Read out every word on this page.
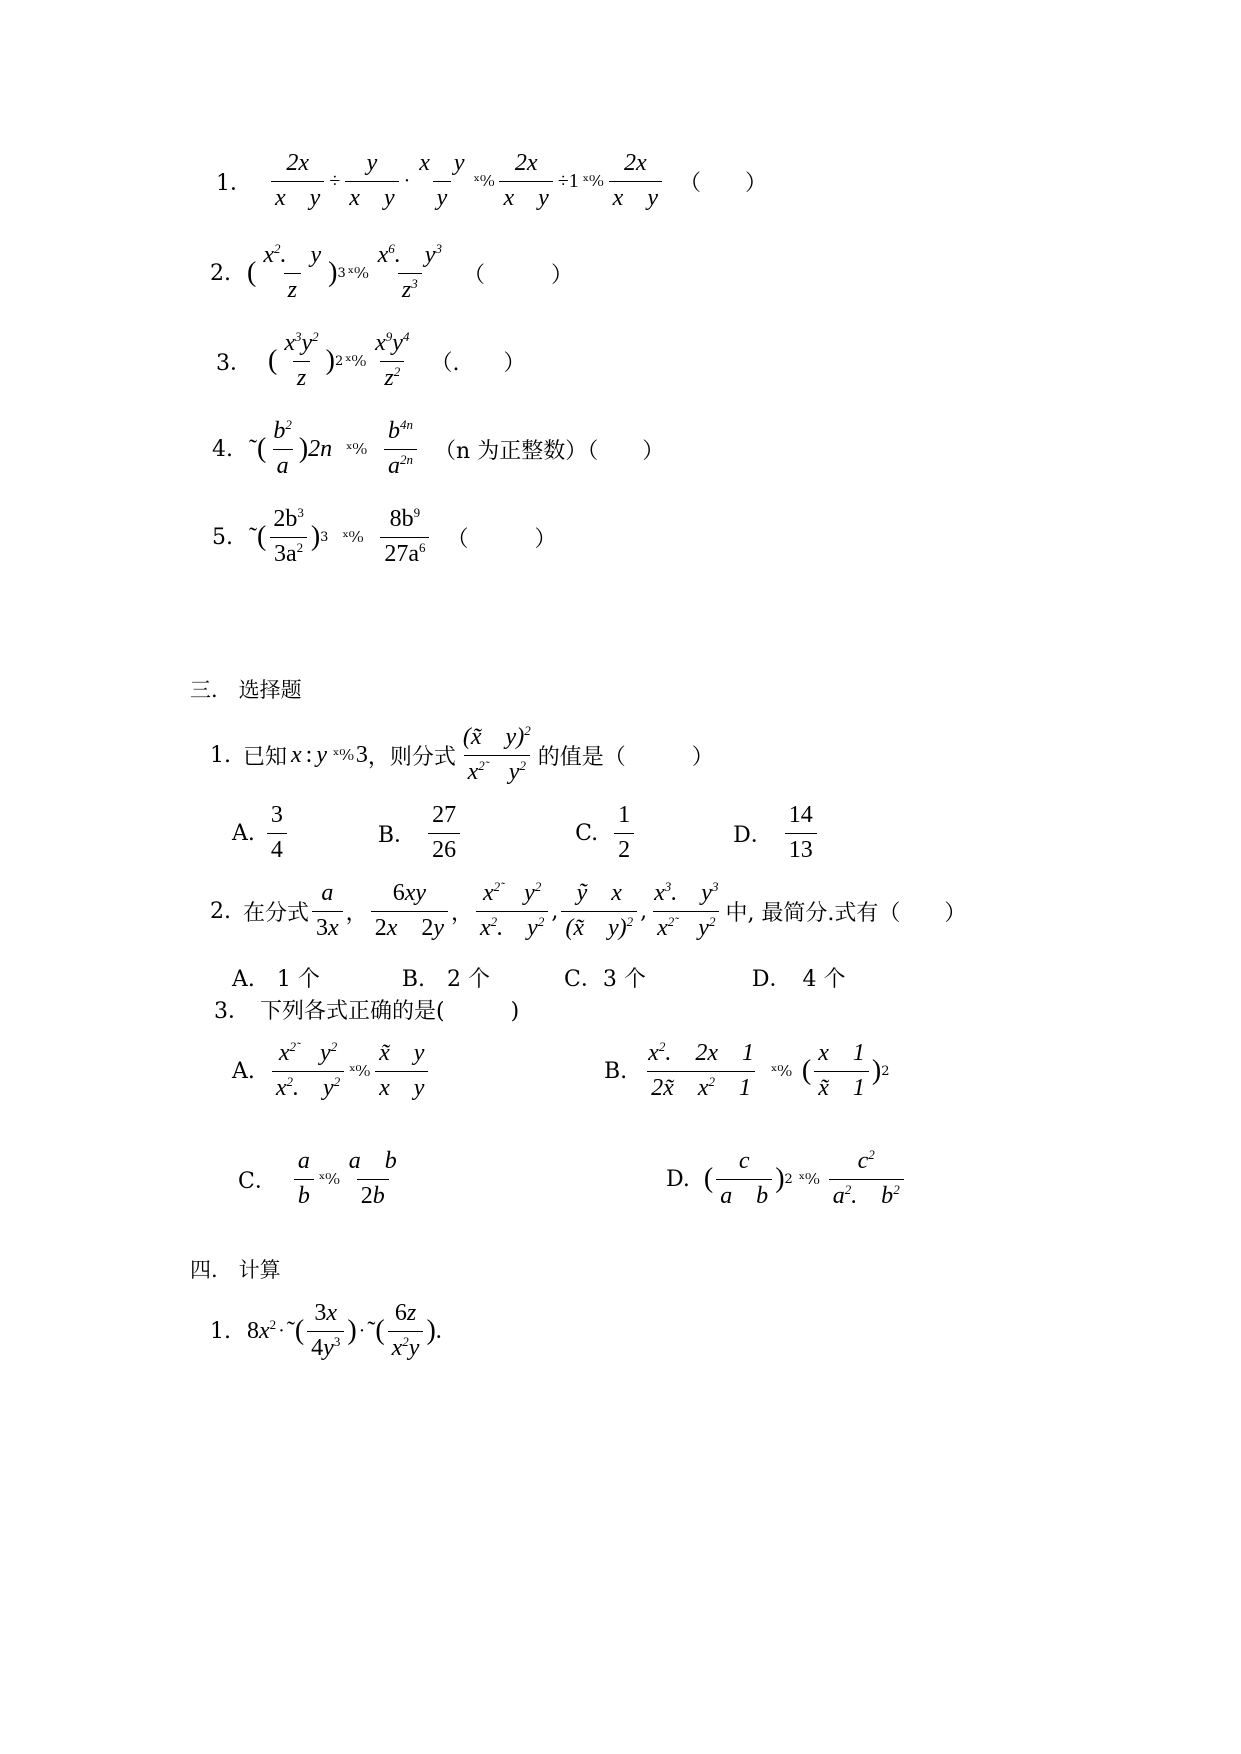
1． $\frac{2x}{\text{x　y}} \div \frac{y}{\text{x　y}} \cdot \frac{\text{x　y}}{y}$ ˣ⁰⁄₀ $\frac{2x}{\text{x　y}} \div 1$ ˣ⁰⁄₀ $\frac{2x}{\text{x　y}}$ （　　）
2. ( $\frac{x^2. y}{z}$ ) 3 ˣ⁰⁄₀ $\frac{x^6. y^3}{z^3}$ （　　　）
3． ( $\frac{x^3y^2}{z}$ ) 2 ˣ⁰⁄₀ $\frac{x^9y^4}{z^2}$ （.　　）
4. ˜ ( $\frac{b^2}{a}$ ) 2n ˣ⁰⁄₀ $\frac{b^{4n}}{a^{2n}} (n$ 为正整数）（　　）
5. ˜ ( $\frac{2b^3}{3a^2}$ ) 3 ˣ⁰⁄₀ $\frac{8b^9}{27a^6}$ （　　　）
三.　选择题
1. 已知 x : y ˣ⁰⁄₀ 3 ，则分式 $\frac{(x̃ y)^2}{x^{2̃} y^2}$ 的值是（　　　）
A. $\frac{3}{4}$	B． $\frac{27}{26}$	C. $\frac{1}{2}$	D． $\frac{14}{13}$
2. 在分式 $\frac{a}{3x}$ ， $\frac{6xy}{2x 2y}$ ， $\frac{x^{2̃} y^2}{x^2. y^2}$ , $\frac{\text{ỹ　x}}{(x̃ y)^2}$ , $\frac{x^3. y^3}{x^{2̃} y^2}$ 中, 最简分.式有（　　）
A.　1 个	B.　2 个	C．3 个	D．　4 个
3． 下列各式正确的是(　　　)
A. $\frac{x^{2̃} y^2}{x^2. y^2}$ ˣ⁰⁄₀ $\frac{x̃ y}{\text{x　y}}$	B. $\frac{x^2. 2x 1}{2x̃ x^2 1}$ ˣ⁰⁄₀ ( $\frac{x 1}{x̃ 1}$ ) 2
C． $\frac{a}{b}$ ˣ⁰⁄₀ $\frac{\text{a　b}}{2b}$	D. ( $\frac{c}{\text{a　b}}$ ) 2 ˣ⁰⁄₀ $\frac{c^2}{a^2. b^2}$
四.　计算
1. $8x^2$ · ˜ ( $\frac{3x}{4y^3}$ ) · ˜ ( $\frac{6z}{x^2y}$ ) .
